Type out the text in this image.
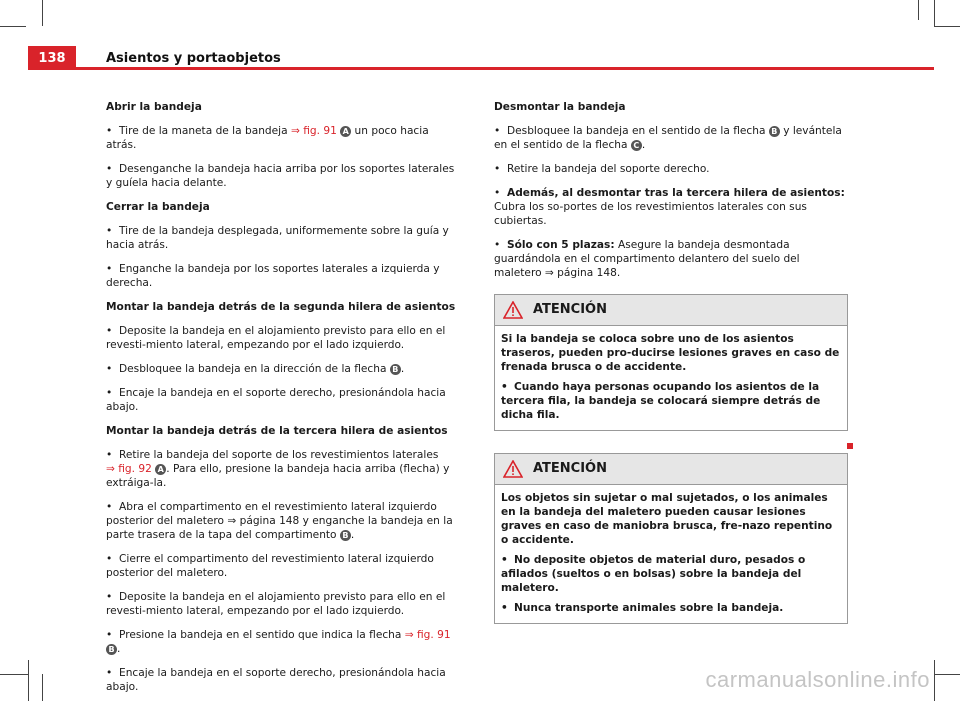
138	Asientos y portaobjetos
Abrir la bandeja
• Tire de la maneta de la bandeja ⇒ fig. 91 A un poco hacia atrás.
• Desenganche la bandeja hacia arriba por los soportes laterales y guíela hacia delante.
Cerrar la bandeja
• Tire de la bandeja desplegada, uniformemente sobre la guía y hacia atrás.
• Enganche la bandeja por los soportes laterales a izquierda y derecha.
Montar la bandeja detrás de la segunda hilera de asientos
• Deposite la bandeja en el alojamiento previsto para ello en el revesti-miento lateral, empezando por el lado izquierdo.
• Desbloquee la bandeja en la dirección de la flecha B .
• Encaje la bandeja en el soporte derecho, presionándola hacia abajo.
Montar la bandeja detrás de la tercera hilera de asientos
• Retire la bandeja del soporte de los revestimientos laterales
⇒ fig. 92 A . Para ello, presione la bandeja hacia arriba (flecha) y extráiga-la.
• Abra el compartimento en el revestimiento lateral izquierdo posterior del maletero ⇒ página 148 y enganche la bandeja en la parte trasera de la tapa del compartimento B .
• Cierre el compartimento del revestimiento lateral izquierdo posterior del maletero.
• Deposite la bandeja en el alojamiento previsto para ello en el revesti-miento lateral, empezando por el lado izquierdo.
• Presione la bandeja en el sentido que indica la flecha ⇒ fig. 91 B .
• Encaje la bandeja en el soporte derecho, presionándola hacia abajo.
Desmontar la bandeja
• Desbloquee la bandeja en el sentido de la flecha B y levántela en el sentido de la flecha C .
• Retire la bandeja del soporte derecho.
• Además, al desmontar tras la tercera hilera de asientos: Cubra los so-portes de los revestimientos laterales con sus cubiertas.
• Sólo con 5 plazas: Asegure la bandeja desmontada guardándola en el compartimento delantero del suelo del maletero ⇒ página 148.
ATENCIÓN
Si la bandeja se coloca sobre uno de los asientos traseros, pueden pro-ducirse lesiones graves en caso de frenada brusca o de accidente.
• Cuando haya personas ocupando los asientos de la tercera fila, la bandeja se colocará siempre detrás de dicha fila.
ATENCIÓN
Los objetos sin sujetar o mal sujetados, o los animales en la bandeja del maletero pueden causar lesiones graves en caso de maniobra brusca, fre-nazo repentino o accidente.
• No deposite objetos de material duro, pesados o afilados (sueltos o en bolsas) sobre la bandeja del maletero.
• Nunca transporte animales sobre la bandeja.
carmanualsonline.info
